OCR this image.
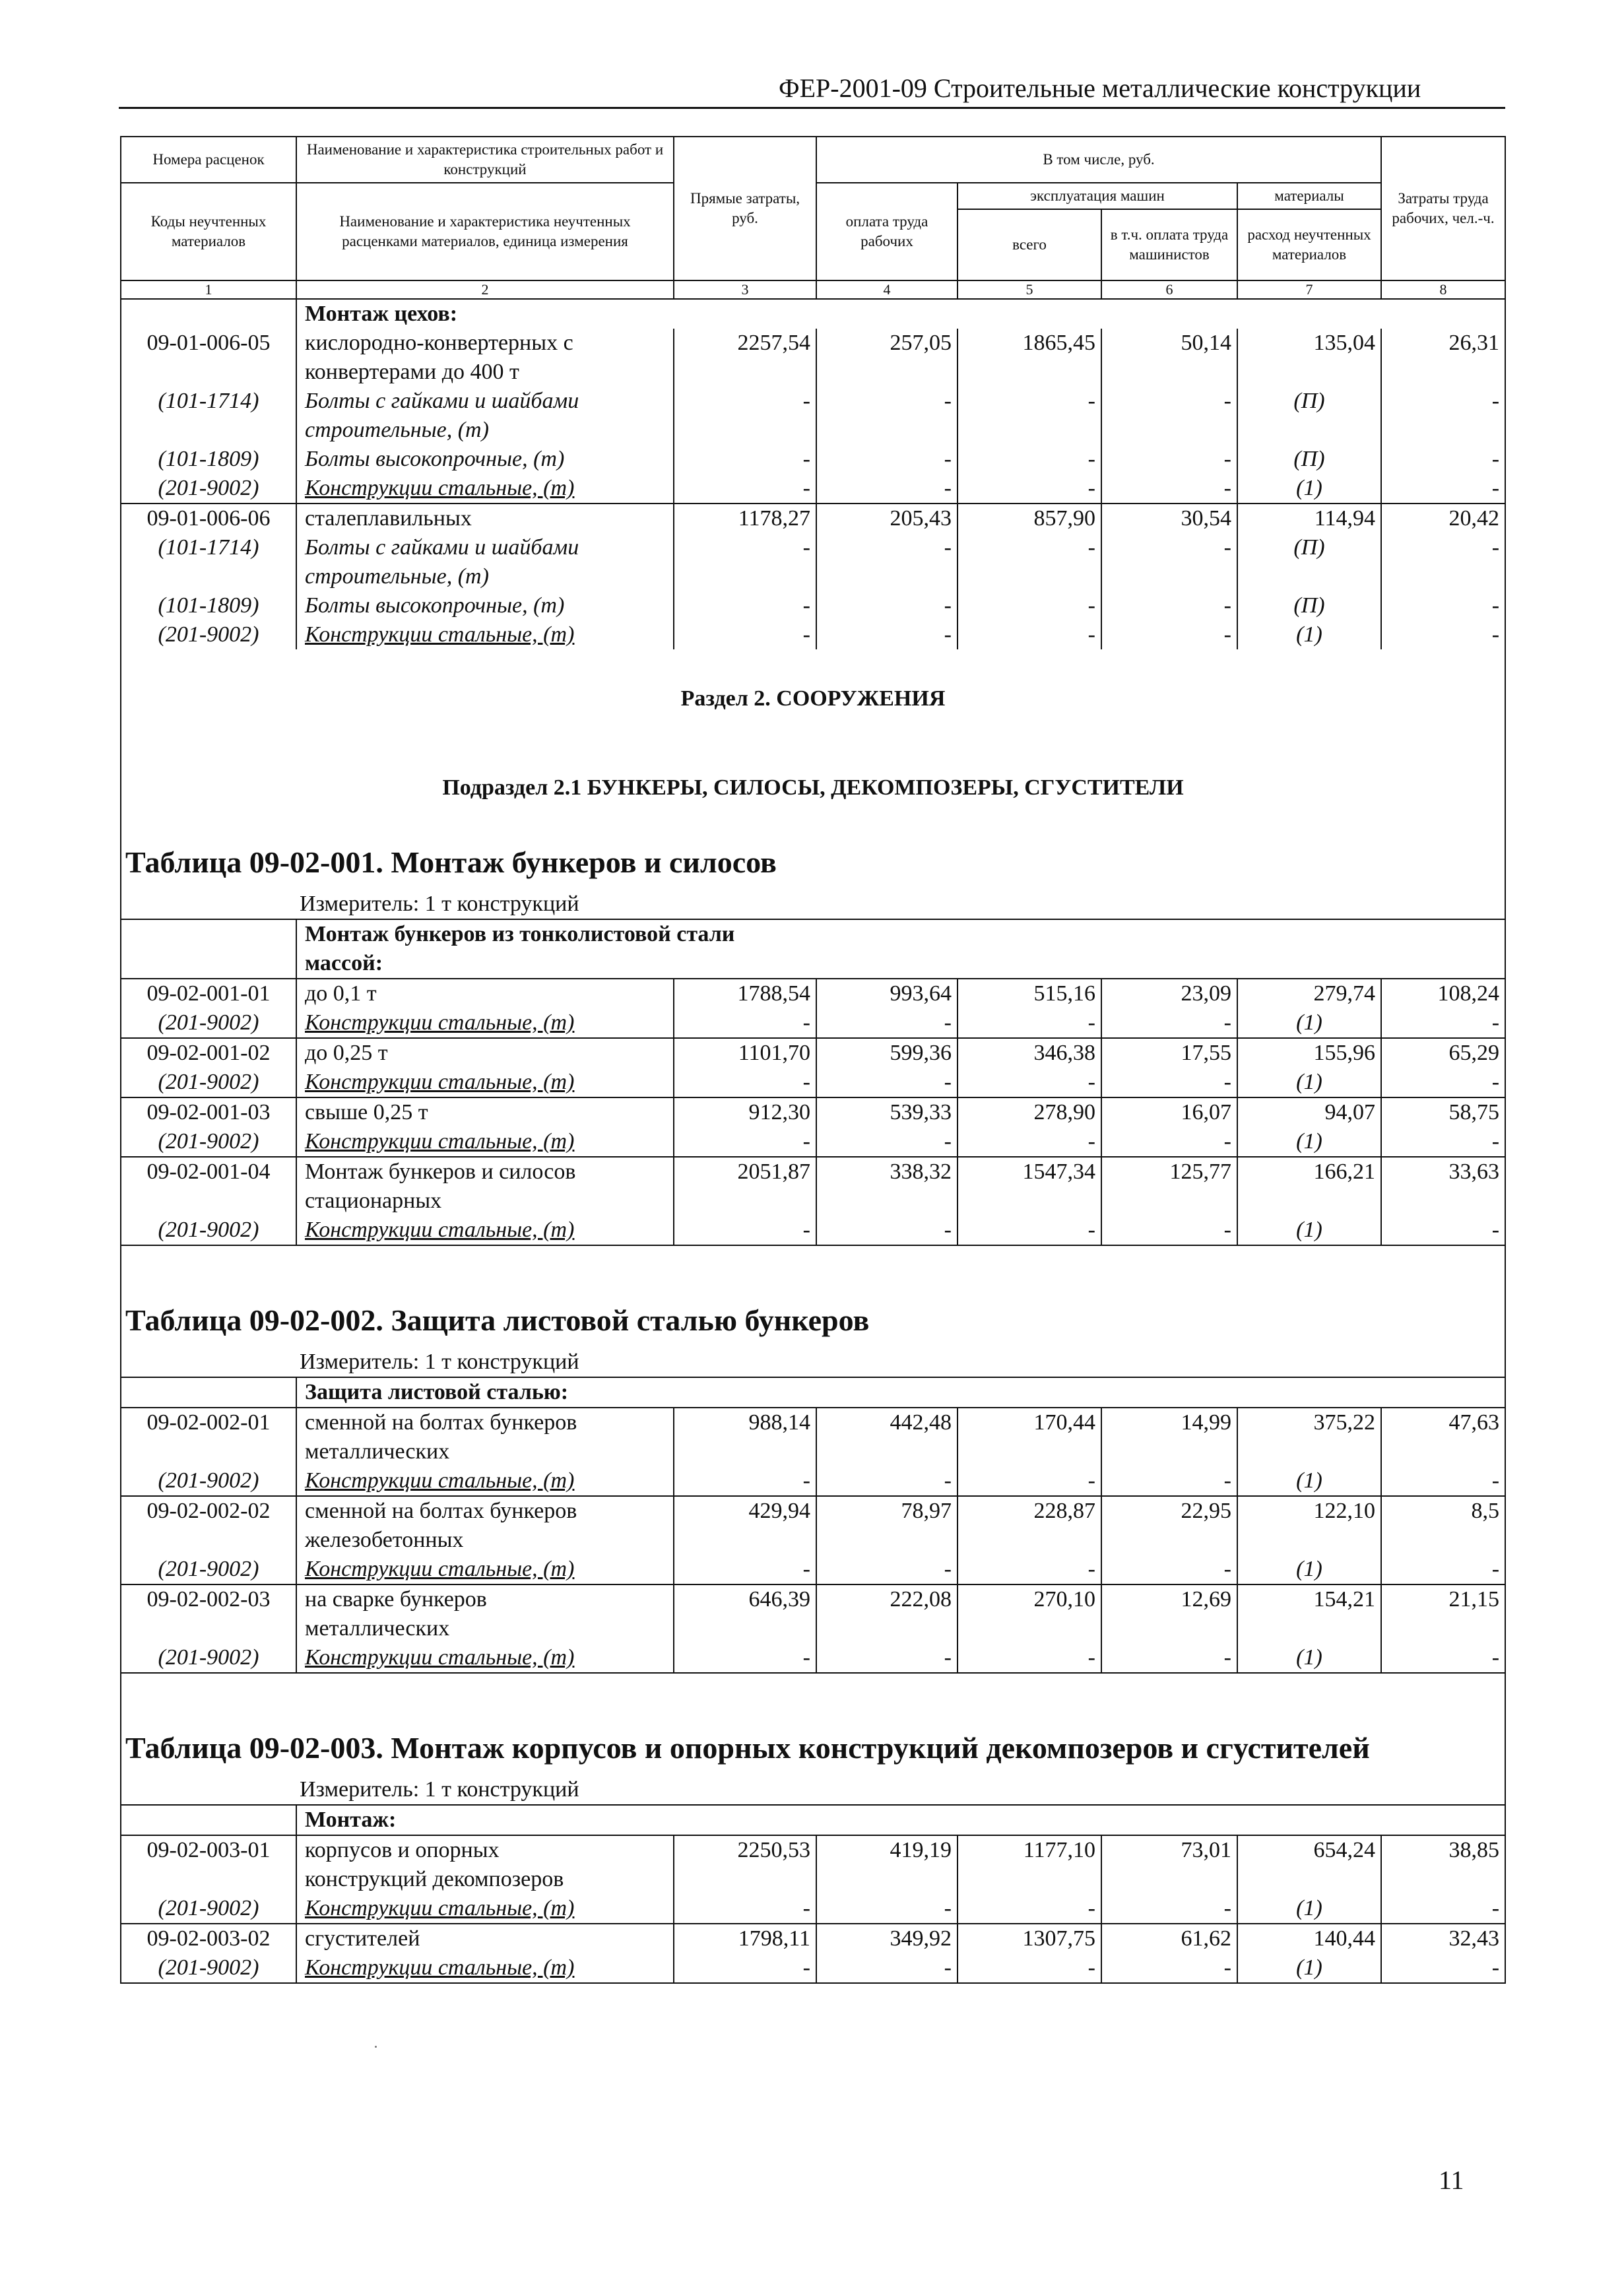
ФЕР-2001-09 Строительные металлические конструкции
Номера расценок	Наименование и характеристика строительных работ и конструкций	Прямые затраты, руб.	В том числе, руб.				Затраты труда рабочих, чел.-ч.
Коды неучтенных материалов	Наименование и характеристика неучтенных расценками материалов, единица измерения		оплата труда рабочих	эксплуатация машин		материалы	
				всего	в т.ч. оплата труда машинистов	расход неучтенных материалов	
1	2	3	4	5	6	7	8
	Монтаж цехов:						
09-01-006-05	кислородно-конвертерных с	2257,54	257,05	1865,45	50,14	135,04	26,31
	конвертерами до 400 т						
(101-1714)	Болты с гайками и шайбами	-	-	-	-	(П)	-
	строительные, (т)						
(101-1809)	Болты высокопрочные, (т)	-	-	-	-	(П)	-
(201-9002)	Конструкции стальные, (т)	-	-	-	-	(1)	-
09-01-006-06	сталеплавильных	1178,27	205,43	857,90	30,54	114,94	20,42
(101-1714)	Болты с гайками и шайбами	-	-	-	-	(П)	-
	строительные, (т)						
(101-1809)	Болты высокопрочные, (т)	-	-	-	-	(П)	-
(201-9002)	Конструкции стальные, (т)	-	-	-	-	(1)	-
Раздел 2. СООРУЖЕНИЯ							
Подраздел 2.1 БУНКЕРЫ, СИЛОСЫ, ДЕКОМПОЗЕРЫ, СГУСТИТЕЛИ							
Таблица 09-02-001. Монтаж бункеров и силосов							
Измеритель: 1 т конструкций							
	Монтаж бункеров из тонколистовой стали массой:						
09-02-001-01	до 0,1 т	1788,54	993,64	515,16	23,09	279,74	108,24
(201-9002)	Конструкции стальные, (т)	-	-	-	-	(1)	-
09-02-001-02	до 0,25 т	1101,70	599,36	346,38	17,55	155,96	65,29
(201-9002)	Конструкции стальные, (т)	-	-	-	-	(1)	-
09-02-001-03	свыше 0,25 т	912,30	539,33	278,90	16,07	94,07	58,75
(201-9002)	Конструкции стальные, (т)	-	-	-	-	(1)	-
09-02-001-04	Монтаж бункеров и силосов	2051,87	338,32	1547,34	125,77	166,21	33,63
	стационарных						
(201-9002)	Конструкции стальные, (т)	-	-	-	-	(1)	-

Таблица 09-02-002. Защита листовой сталью бункеров							
Измеритель: 1 т конструкций							
	Защита листовой сталью:						
09-02-002-01	сменной на болтах бункеров	988,14	442,48	170,44	14,99	375,22	47,63
	металлических						
(201-9002)	Конструкции стальные, (т)	-	-	-	-	(1)	-
09-02-002-02	сменной на болтах бункеров	429,94	78,97	228,87	22,95	122,10	8,5
	железобетонных						
(201-9002)	Конструкции стальные, (т)	-	-	-	-	(1)	-
09-02-002-03	на сварке бункеров	646,39	222,08	270,10	12,69	154,21	21,15
	металлических						
(201-9002)	Конструкции стальные, (т)	-	-	-	-	(1)	-

Таблица 09-02-003. Монтаж корпусов и опорных конструкций декомпозеров и сгустителей							
Измеритель: 1 т конструкций							
	Монтаж:						
09-02-003-01	корпусов и опорных	2250,53	419,19	1177,10	73,01	654,24	38,85
	конструкций декомпозеров						
(201-9002)	Конструкции стальные, (т)	-	-	-	-	(1)	-
09-02-003-02	сгустителей	1798,11	349,92	1307,75	61,62	140,44	32,43
(201-9002)	Конструкции стальные, (т)	-	-	-	-	(1)	-
11
